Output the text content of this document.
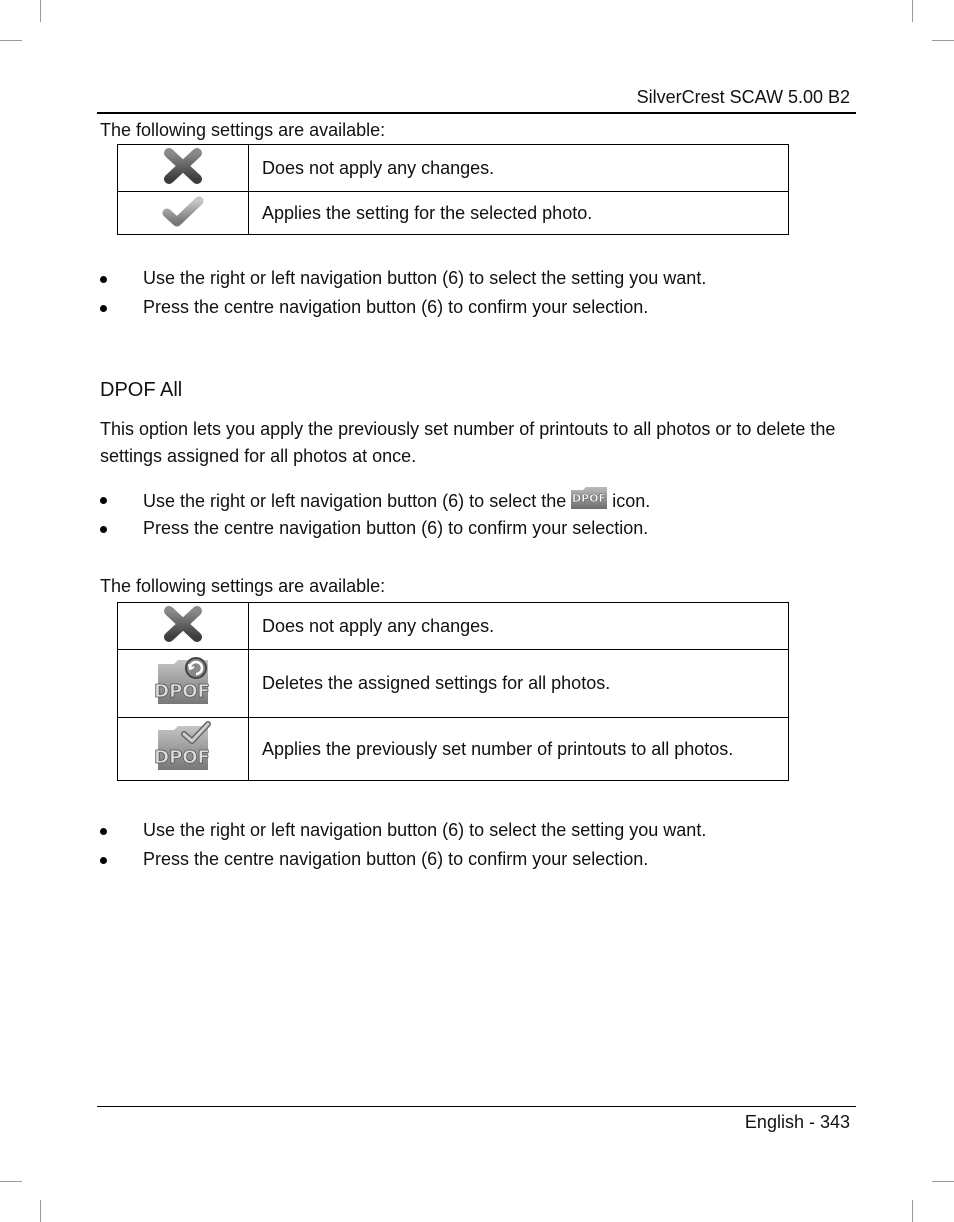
SilverCrest SCAW 5.00 B2
The following settings are available:
	Does not apply any changes.
	Applies the setting for the selected photo.
Use the right or left navigation button (6) to select the setting you want.
Press the centre navigation button (6) to confirm your selection.
DPOF All
This option lets you apply the previously set number of printouts to all photos or to delete the settings assigned for all photos at once.
Use the right or left navigation button (6) to select the DPOF icon.
Press the centre navigation button (6) to confirm your selection.
The following settings are available:
	Does not apply any changes.

DPOF	Deletes the assigned settings for all photos.

DPOF	Applies the previously set number of printouts to all photos.
Use the right or left navigation button (6) to select the setting you want.
Press the centre navigation button (6) to confirm your selection.
English - 343
